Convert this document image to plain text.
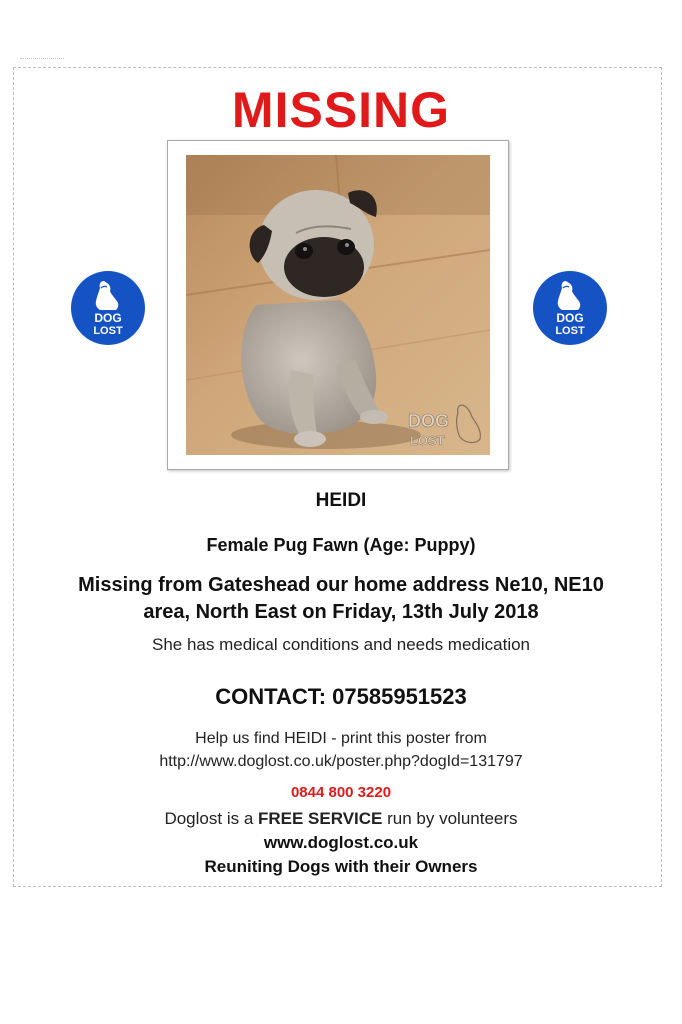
MISSING
DOG
LOST
DOG
LOST
DOG
LOST
HEIDI
Female Pug Fawn (Age: Puppy)
Missing from Gateshead our home address Ne10, NE10
area, North East on Friday, 13th July 2018
She has medical conditions and needs medication
CONTACT: 07585951523
Help us find HEIDI - print this poster from
http://www.doglost.co.uk/poster.php?dogId=131797
0844 800 3220
Doglost is a FREE SERVICE run by volunteers
www.doglost.co.uk
Reuniting Dogs with their Owners
